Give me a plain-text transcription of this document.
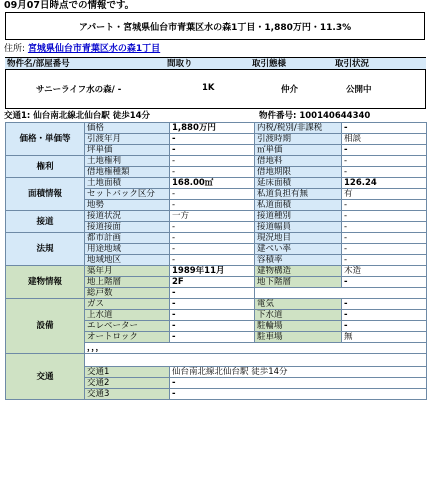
09月07日時点での情報です。
アパート・宮城県仙台市青葉区水の森1丁目・1,880万円・11.3%
住所: 宮城県仙台市青葉区水の森1丁目
物件名/部屋番号	間取り	取引態様	取引状況
サニーライフ水の森/ -	1K	仲介	公開中
交通1: 仙台南北線北仙台駅 徒歩14分	物件番号: 100140644340
価格・単価等	価格	1,880万円	内税/税別/非課税	-
	引渡年月	-	引渡時期	相談
	坪単価	-	㎡単価	-
権利	土地権利	-	借地料	-
	借地権種類	-	借地期限	-
面積情報	土地面積	168.00㎡	延床面積	126.24
	セットバック区分	-	私道負担有無	有
	地勢	-	私道面積	-
接道	接道状況	一方	接道種別	-
	接道接面	-	接道幅員	-
法規	都市計画	-	現況地目	-
	用途地域	-	建ぺい率	-
	地域地区	-	容積率	-
建物情報	築年月	1989年11月	建物構造	木造
	地上階層	2F	地下階層	-
	総戸数	-		
設備	ガス	-	電気	-
	上水道	-	下水道	-
	エレベーター	-	駐輪場	-
	オートロック	-	駐車場	無
	，，，			
交通				
	交通1	仙台南北線北仙台駅 徒歩14分		
	交通2	-		
	交通3	-		
